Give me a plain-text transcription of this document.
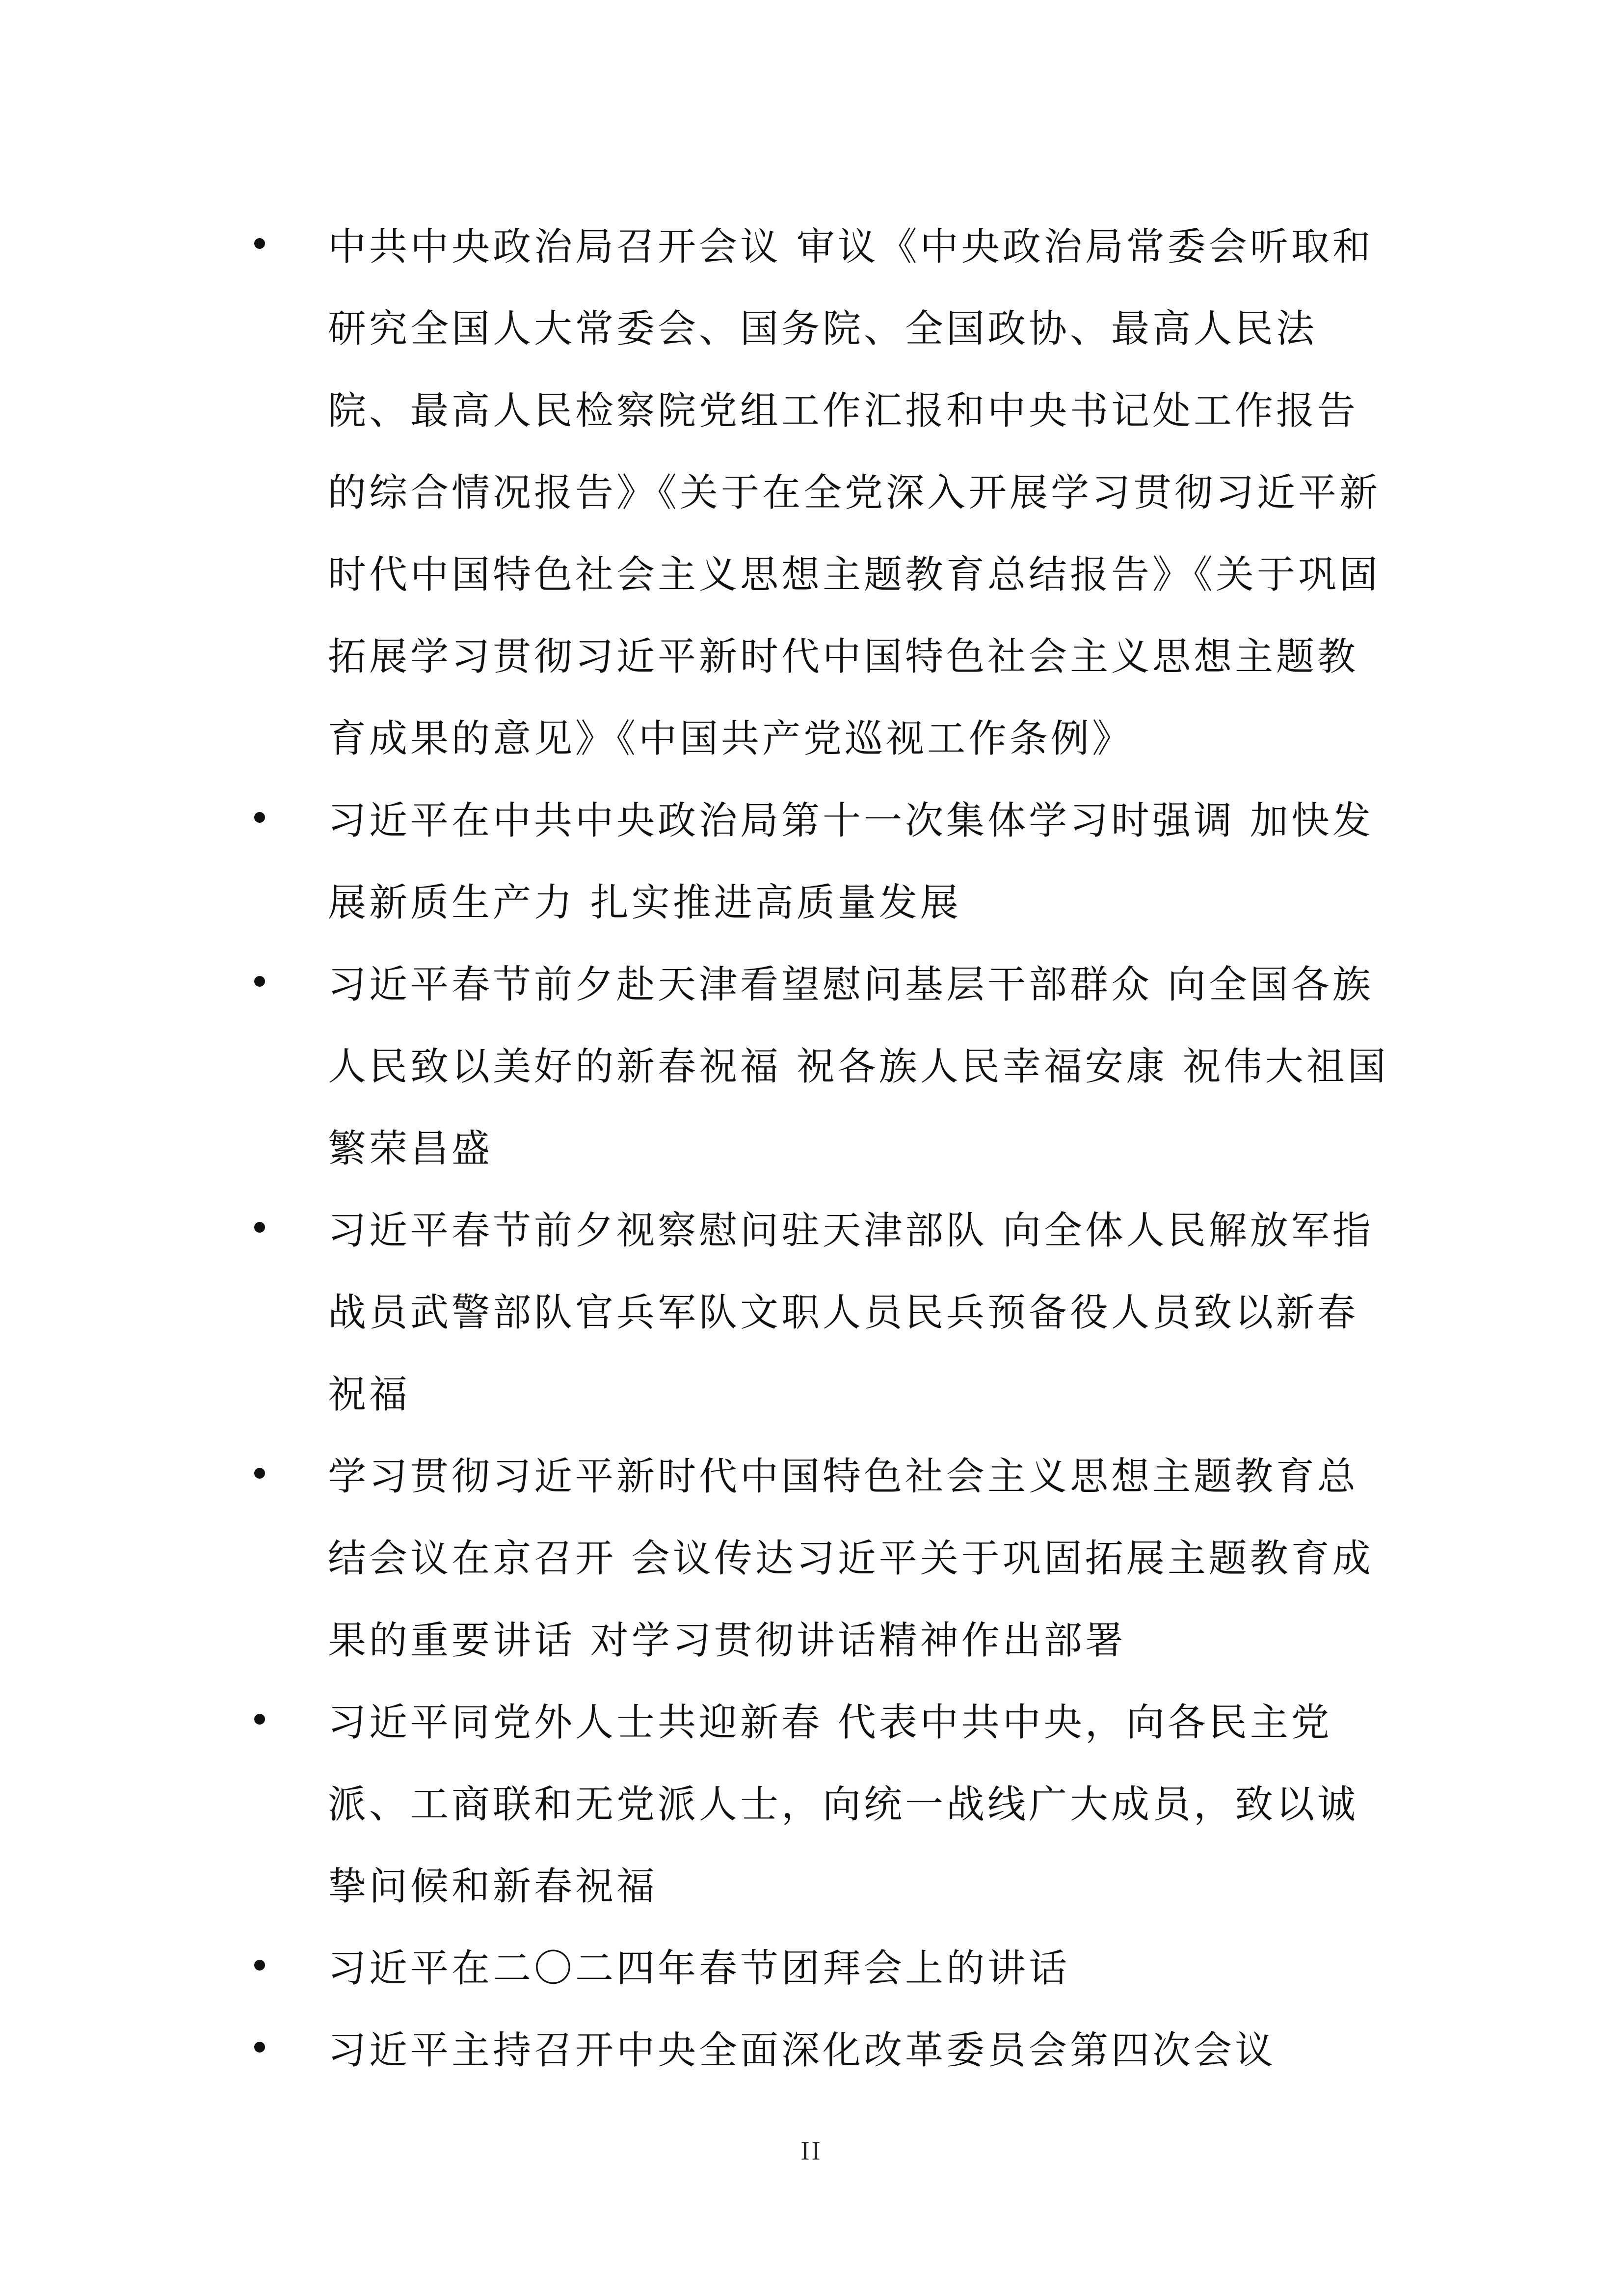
中共中央政治局召开会议 审议《中央政治局常委会听取和研究全国人大常委会、国务院、全国政协、最高人民法院、最高人民检察院党组工作汇报和中央书记处工作报告的综合情况报告》《关于在全党深入开展学习贯彻习近平新时代中国特色社会主义思想主题教育总结报告》《关于巩固拓展学习贯彻习近平新时代中国特色社会主义思想主题教育成果的意见》《中国共产党巡视工作条例》
习近平在中共中央政治局第十一次集体学习时强调 加快发展新质生产力 扎实推进高质量发展
习近平春节前夕赴天津看望慰问基层干部群众 向全国各族人民致以美好的新春祝福 祝各族人民幸福安康 祝伟大祖国繁荣昌盛
习近平春节前夕视察慰问驻天津部队 向全体人民解放军指战员武警部队官兵军队文职人员民兵预备役人员致以新春祝福
学习贯彻习近平新时代中国特色社会主义思想主题教育总结会议在京召开 会议传达习近平关于巩固拓展主题教育成果的重要讲话 对学习贯彻讲话精神作出部署
习近平同党外人士共迎新春 代表中共中央，向各民主党派、工商联和无党派人士，向统一战线广大成员，致以诚挚问候和新春祝福
习近平在二〇二四年春节团拜会上的讲话
习近平主持召开中央全面深化改革委员会第四次会议
II
